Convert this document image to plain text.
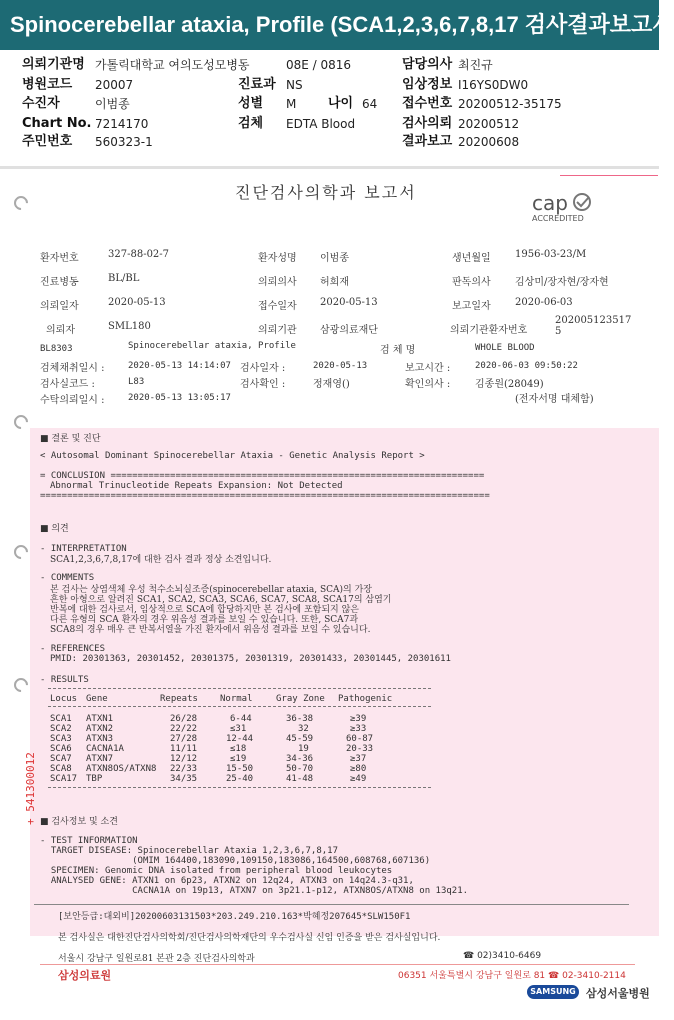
Spinocerebellar ataxia, Profile (SCA1,2,3,6,7,8,17 검사결과보고서
의뢰기관명 가톨릭대학교 여의도성모병동	08E / 0816	담당의사 최진규
병원코드 20007	진료과 NS	임상정보 I16YS0DW0
수진자	이범종	성별 M 나이 64 접수번호 20200512-35175
Chart No. 7214170	검체 EDTA Blood	검사의뢰 20200512
주민번호 560323-1	결과보고 20200608
진단검사의학과 보고서	cap
ACCREDITED
환자번호	327-88-02-7	환자성명 이범종	생년월일 1956-03-23/M
진료병동	BL/BL	의뢰의사 허희재	판독의사 김상미/장자현/장자현
의뢰일자	2020-05-13	접수일자 2020-05-13	보고일자 2020-06-03
의뢰자	SML180	의뢰기관 삼광의료재단	의뢰기관환자번호
202005123517
5
BL8303	Spinocerebellar ataxia, Profile	검 체 명	WHOLE BLOOD
검체채취일시 :	2020-05-13 14:14:07 검사일자 :	2020-05-13	보고시간 :	2020-06-03 09:50:22
검사실코드 :	L83	검사확인 :	정재영()	확인의사 : 김종원(28049)
수탁의뢰일시 :	2020-05-13 13:05:17	(전자서명 대체함)
■ 결론 및 진단
< Autosomal Dominant Spinocerebellar Ataxia - Genetic Analysis Report >
= CONCLUSION =====================================================================
Abnormal Trinucleotide Repeats Expansion: Not Detected
===================================================================================
■ 의견
- INTERPRETATION
SCA1,2,3,6,7,8,17에 대한 검사 결과 정상 소견입니다.
- COMMENTS
본 검사는 상염색체 우성 척수소뇌실조증(spinocerebellar ataxia, SCA)의 가장
흔한 아형으로 알려진 SCA1, SCA2, SCA3, SCA6, SCA7, SCA8, SCA17의 삼염기
반복에 대한 검사로서, 임상적으로 SCA에 합당하지만 본 검사에 포함되지 않은
다른 유형의 SCA 환자의 경우 위음성 결과를 보일 수 있습니다. 또한, SCA7과
SCA8의 경우 매우 큰 반복서열을 가진 환자에서 위음성 결과를 보일 수 있습니다.
- REFERENCES
PMID: 20301363, 20301452, 20301375, 20301319, 20301433, 20301445, 20301611
- RESULTS
Locus Gene	Repeats Normal	Gray Zone Pathogenic
SCA1 ATXN1	26/28	6-44	36-38	≥39
SCA2 ATXN2	22/22	≤31	32	≥33
SCA3 ATXN3	27/28	12-44	45-59	60-87
SCA6 CACNA1A	11/11	≤18	19	20-33
SCA7 ATXN7	12/12	≤19	34-36	≥37
SCA8 ATXN8OS/ATXN8 22/33	15-50	50-70	≥80
SCA17 TBP	34/35	25-40	41-48	≥49
■ 검사정보 및 소견
- TEST INFORMATION
TARGET DISEASE: Spinocerebellar Ataxia 1,2,3,6,7,8,17
(OMIM 164400,183090,109150,183086,164500,608768,607136)
SPECIMEN: Genomic DNA isolated from peripheral blood leukocytes
ANALYSED GENE: ATXN1 on 6p23, ATXN2 on 12q24, ATXN3 on 14q24.3-q31,
CACNA1A on 19p13, ATXN7 on 3p21.1-p12, ATXN8OS/ATXN8 on 13q21.
[보안등급:대외비]20200603131503*203.249.210.163*박혜정207645*SLW150F1
본 검사실은 대한진단검사의학회/진단검사의학재단의 우수검사실 신임 인증을 받은 검사실입니다.
서울시 강남구 일원로81 본관 2층 진단검사의학과	☎ 02)3410-6469
+ 541300012
삼성의료원	06351 서울특별시 강남구 일원로 81 ☎ 02-3410-2114
SAMSUNG 삼성서울병원
